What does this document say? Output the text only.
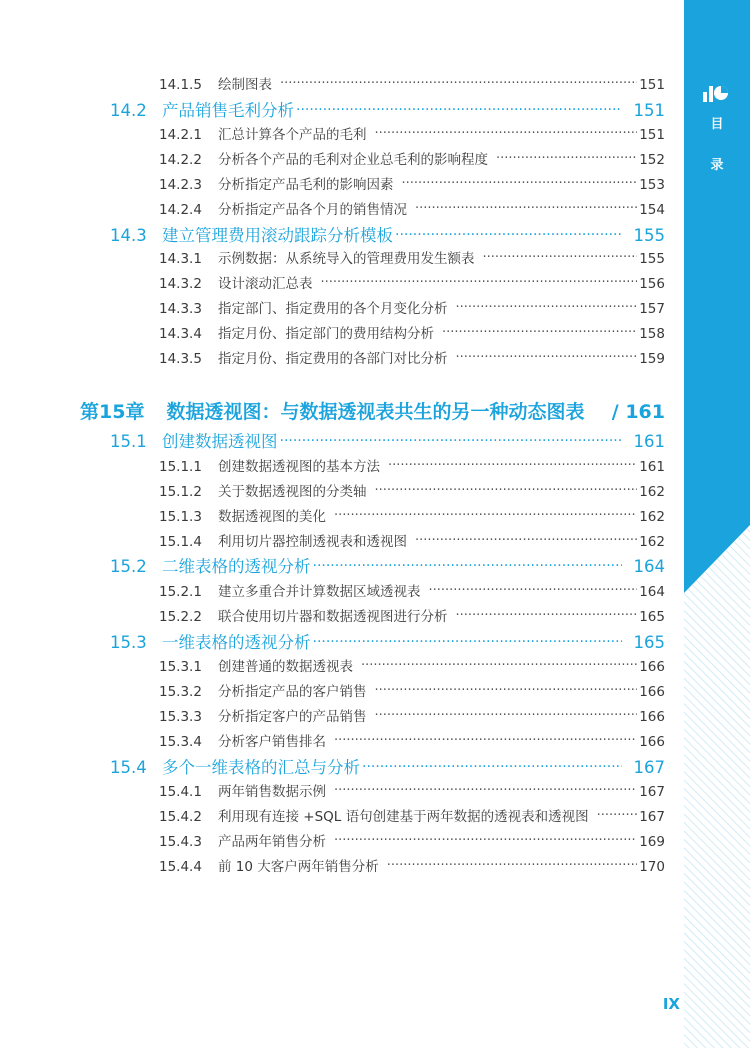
目
录
14.1.5	绘制图表 ·····	151
14.2 产品销售毛利分析 ·····	151
14.2.1	汇总计算各个产品的毛利 ·····	151
14.2.2	分析各个产品的毛利对企业总毛利的影响程度 ·····	152
14.2.3	分析指定产品毛利的影响因素 ·····	153
14.2.4	分析指定产品各个月的销售情况 ·····	154
14.3 建立管理费用滚动跟踪分析模板 ·····	155
14.3.1	示例数据：从系统导入的管理费用发生额表 ·····	155
14.3.2	设计滚动汇总表 ·····	156
14.3.3	指定部门、指定费用的各个月变化分析 ·····	157
14.3.4	指定月份、指定部门的费用结构分析 ·····	158
14.3.5	指定月份、指定费用的各部门对比分析 ·····	159
第15章 数据透视图：与数据透视表共生的另一种动态图表 / 161
15.1 创建数据透视图 ·····	161
15.1.1	创建数据透视图的基本方法 ·····	161
15.1.2	关于数据透视图的分类轴 ·····	162
15.1.3	数据透视图的美化 ·····	162
15.1.4	利用切片器控制透视表和透视图 ·····	162
15.2 二维表格的透视分析 ·····	164
15.2.1	建立多重合并计算数据区域透视表 ·····	164
15.2.2	联合使用切片器和数据透视图进行分析 ·····	165
15.3 一维表格的透视分析 ·····	165
15.3.1	创建普通的数据透视表 ·····	166
15.3.2	分析指定产品的客户销售 ·····	166
15.3.3	分析指定客户的产品销售 ·····	166
15.3.4	分析客户销售排名 ·····	166
15.4 多个一维表格的汇总与分析 ·····	167
15.4.1	两年销售数据示例 ·····	167
15.4.2	利用现有连接 +SQL 语句创建基于两年数据的透视表和透视图 ·····	167
15.4.3	产品两年销售分析 ·····	169
15.4.4	前 10 大客户两年销售分析 ·····	170
IX
